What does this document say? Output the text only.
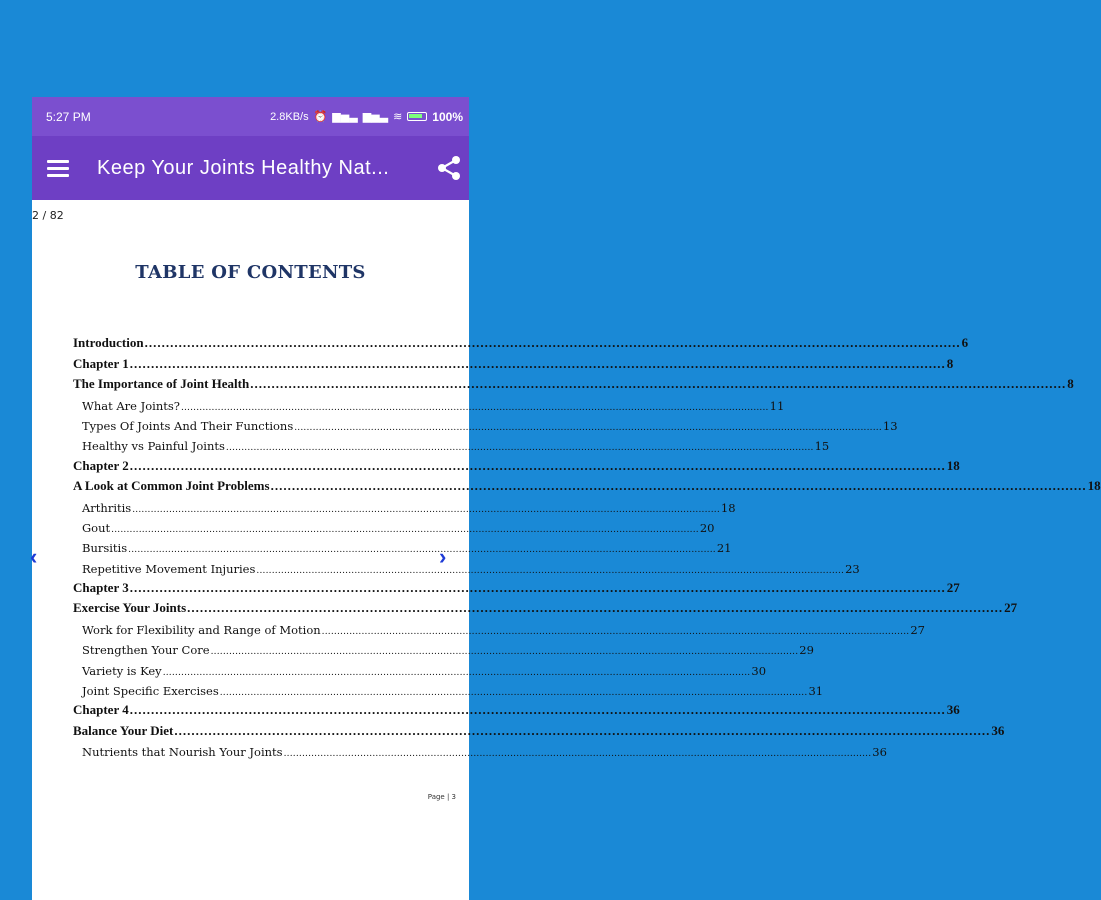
5:27 PM	2.8KB/s ⏰ ▆▅▃ ▆▅▃ ≋	100%
Keep Your Joints Healthy Nat...
2 / 82
TABLE OF CONTENTS
Introduction .....	6
Chapter 1 .....	8
The Importance of Joint Health .....	8
What Are Joints? .....	11
Types Of Joints And Their Functions .....	13
Healthy vs Painful Joints .....	15
Chapter 2 .....	18
A Look at Common Joint Problems .....	18
Arthritis .....	18
Gout .....	20
Bursitis .....	21
Repetitive Movement Injuries .....	23
Chapter 3 .....	27
Exercise Your Joints .....	27
Work for Flexibility and Range of Motion .....	27
Strengthen Your Core .....	29
Variety is Key .....	30
Joint Specific Exercises .....	31
Chapter 4 .....	36
Balance Your Diet .....	36
Nutrients that Nourish Your Joints .....	36
‹	›
Page | 3
